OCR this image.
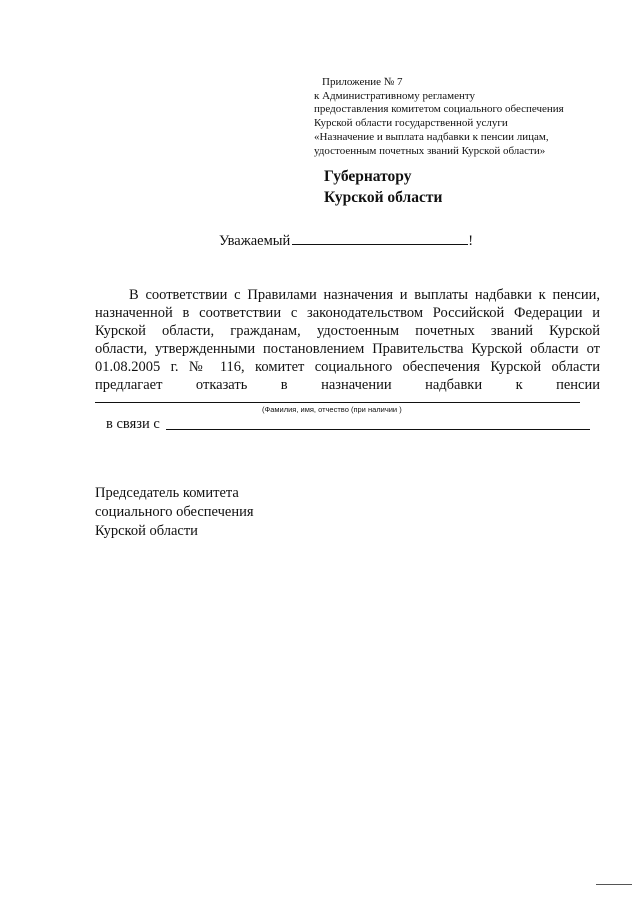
Приложение № 7
к Административному регламенту
предоставления комитетом социального обеспечения
Курской области государственной услуги
«Назначение и выплата надбавки к пенсии лицам,
удостоенным почетных званий Курской области»
Губернатору
Курской области
Уважаемый	!
В соответствии с Правилами назначения и выплаты надбавки к пенсии,
назначенной в соответствии с законодательством Российской Федерации и
Курской области, гражданам, удостоенным почетных званий Курской
области, утвержденными постановлением Правительства Курской области от
01.08.2005 г. № 116, комитет социального обеспечения Курской области
предлагает отказать в назначении надбавки к пенсии
(Фамилия, имя, отчество (при наличии )
в связи с
Председатель комитета
социального обеспечения
Курской области
